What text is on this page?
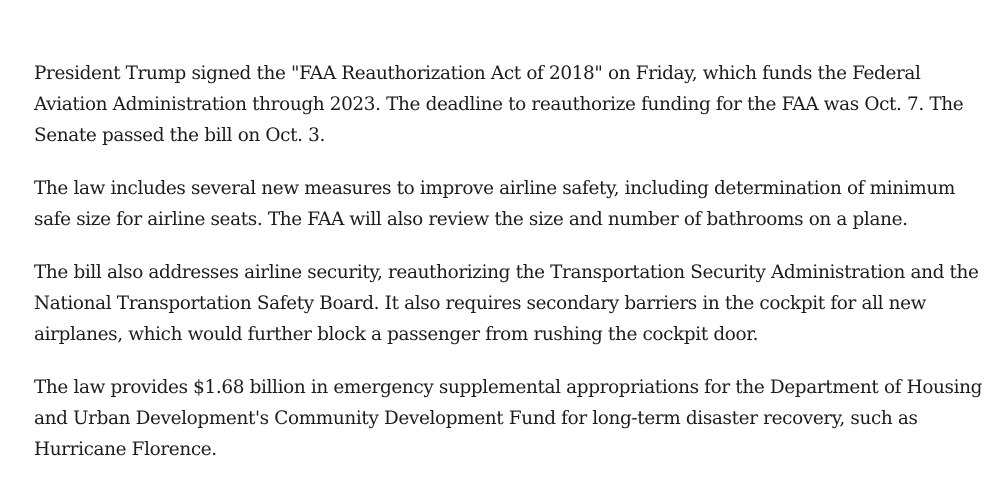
President Trump signed the "FAA Reauthorization Act of 2018" on Friday, which funds the Federal Aviation Administration through 2023. The deadline to reauthorize funding for the FAA was Oct. 7. The Senate passed the bill on Oct. 3.

The law includes several new measures to improve airline safety, including determination of minimum safe size for airline seats. The FAA will also review the size and number of bathrooms on a plane.

The bill also addresses airline security, reauthorizing the Transportation Security Administration and the National Transportation Safety Board. It also requires secondary barriers in the cockpit for all new airplanes, which would further block a passenger from rushing the cockpit door.

The law provides $1.68 billion in emergency supplemental appropriations for the Department of Housing and Urban Development's Community Development Fund for long-term disaster recovery, such as Hurricane Florence.
